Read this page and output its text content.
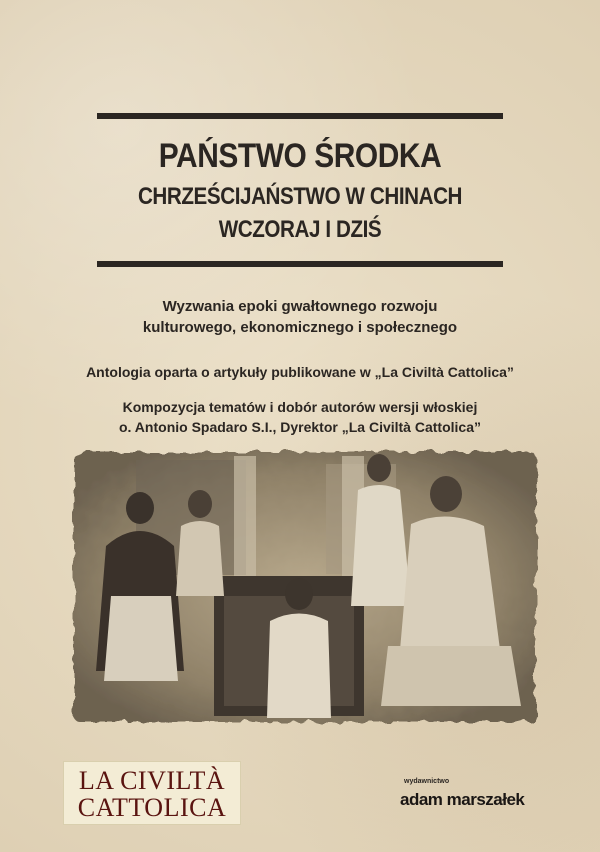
PAŃSTWO ŚRODKA
CHRZEŚCIJAŃSTWO W CHINACH
WCZORAJ I DZIŚ
Wyzwania epoki gwałtownego rozwoju
kulturowego, ekonomicznego i społecznego
Antologia oparta o artykuły publikowane w „La Civiltà Cattolica”
Kompozycja tematów i dobór autorów wersji włoskiej
o. Antonio Spadaro S.I., Dyrektor „La Civiltà Cattolica”
LA CIVILTÀ
CATTOLICA
wydawnictwo
adam marszałek
